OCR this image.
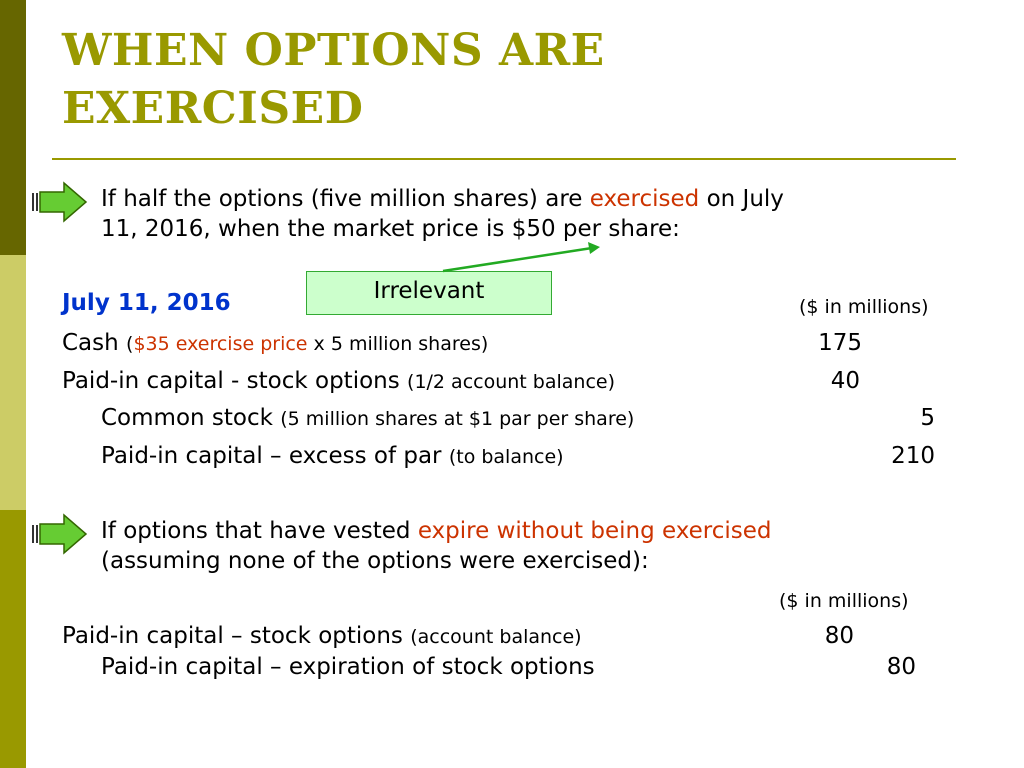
WHEN OPTIONS ARE
EXERCISED
If half the options (five million shares) are exercised on July
11, 2016, when the market price is $50 per share:
Irrelevant
July 11, 2016	($ in millions)
Cash ($35 exercise price x 5 million shares)	175
Paid-in capital - stock options (1/2 account balance)	40
Common stock (5 million shares at $1 par per share)	5
Paid-in capital – excess of par (to balance)	210
If options that have vested expire without being exercised
(assuming none of the options were exercised):
($ in millions)
Paid-in capital – stock options (account balance)	80
Paid-in capital – expiration of stock options	80
